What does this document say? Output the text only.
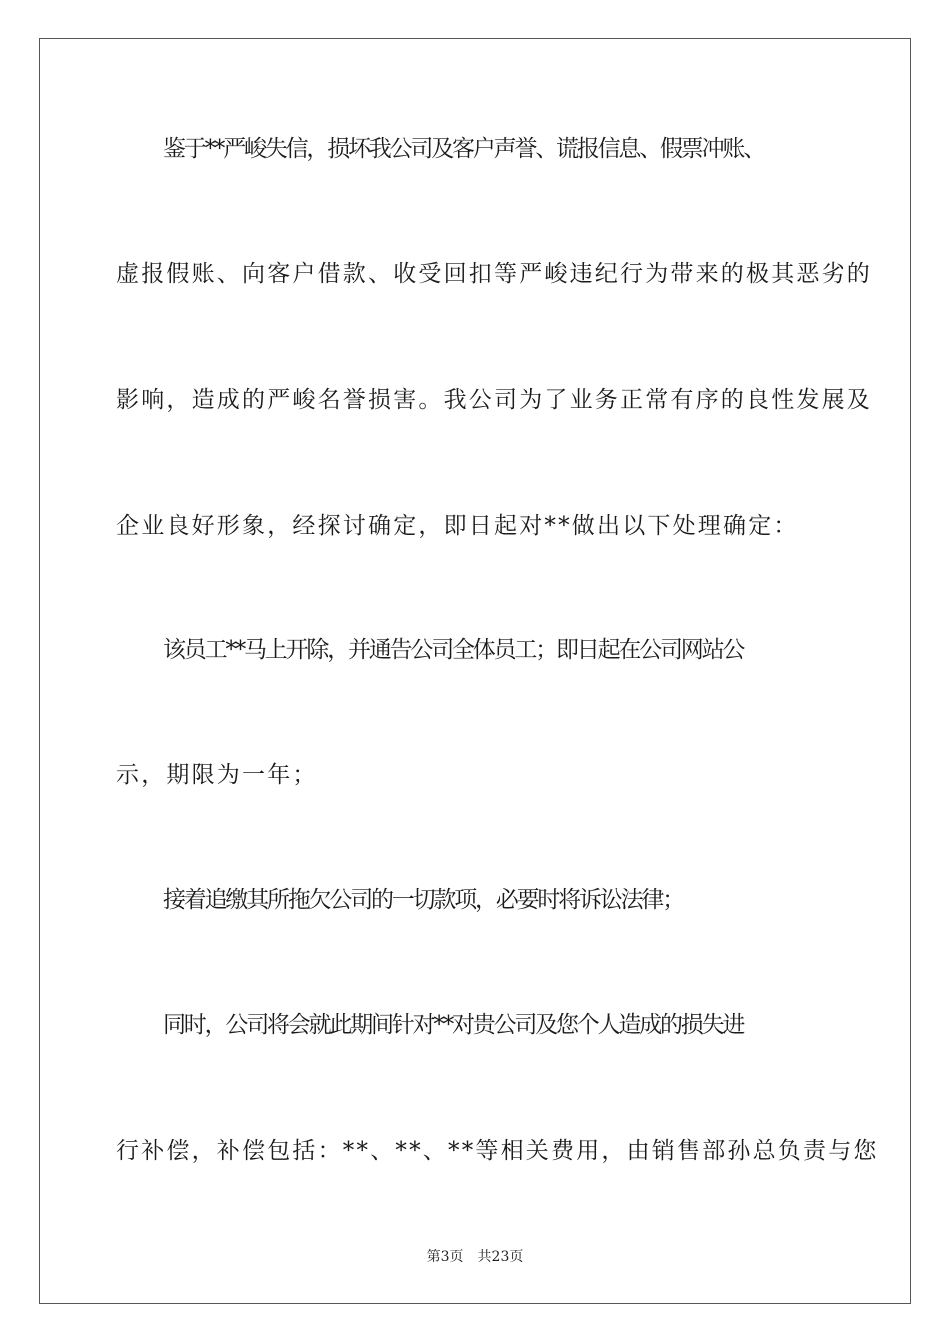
鉴于**严峻失信，损坏我公司及客户声誉、谎报信息、假票冲账、
虚报假账、向客户借款、收受回扣等严峻违纪行为带来的极其恶劣的
影响，造成的严峻名誉损害。我公司为了业务正常有序的良性发展及
企业良好形象，经探讨确定，即日起对**做出以下处理确定：
该员工**马上开除，并通告公司全体员工；即日起在公司网站公
示，期限为一年；
接着追缴其所拖欠公司的一切款项，必要时将诉讼法律；
同时，公司将会就此期间针对**对贵公司及您个人造成的损失进
行补偿，补偿包括：**、**、**等相关费用，由销售部孙总负责与您
第3页 共23页
